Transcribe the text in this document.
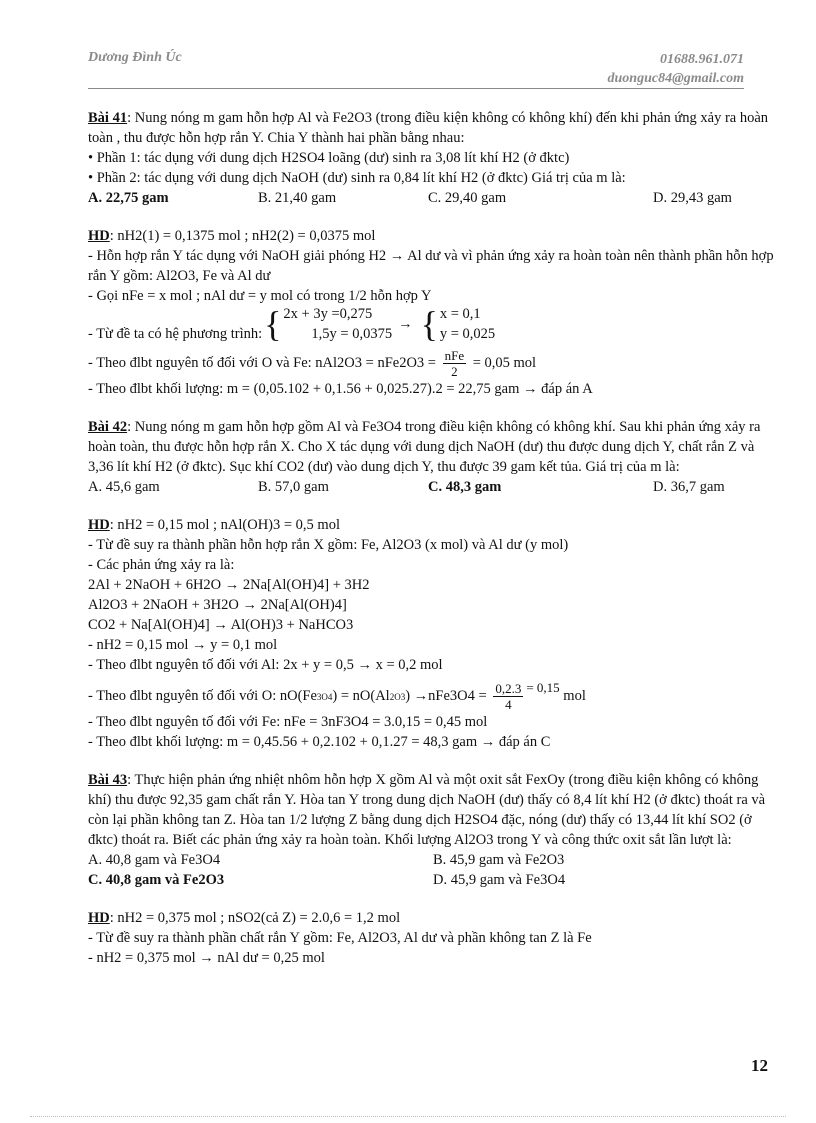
Dương Đình Úc	01688.961.071
duonguc84@gmail.com
Bài 41: Nung nóng m gam hỗn hợp Al và Fe2O3 (trong điều kiện không có không khí) đến khi phản ứng xảy ra hoàn toàn , thu được hỗn hợp rắn Y. Chia Y thành hai phần bằng nhau:
• Phần 1: tác dụng với dung dịch H2SO4 loãng (dư) sinh ra 3,08 lít khí H2 (ở đktc)
• Phần 2: tác dụng với dung dịch NaOH (dư) sinh ra 0,84 lít khí H2 (ở đktc) Giá trị của m là:
A. 22,75 gam	B. 21,40 gam	C. 29,40 gam	D. 29,43 gam
HD: nH2(1) = 0,1375 mol ; nH2(2) = 0,0375 mol
- Hỗn hợp rắn Y tác dụng với NaOH giải phóng H2 → Al dư và vì phản ứng xảy ra hoàn toàn nên thành phần hỗn hợp rắn Y gồm: Al2O3, Fe và Al dư
- Gọi nFe = x mol ; nAl dư = y mol có trong 1/2 hỗn hợp Y
- Từ đề ta có hệ phương trình: { 2x + 3y =0,275
1,5y = 0,0375
→ { x = 0,1
y = 0,025
- Theo đlbt nguyên tố đối với O và Fe: $nAl2O3 = nFe2O3 = \frac{\text{nFe}}{2} = 0,05$ mol
- Theo đlbt khối lượng: m = (0,05.102 + 0,1.56 + 0,025.27).2 = 22,75 gam → đáp án A
Bài 42: Nung nóng m gam hỗn hợp gồm Al và Fe3O4 trong điều kiện không có không khí. Sau khi phản ứng xảy ra hoàn toàn, thu được hỗn hợp rắn X. Cho X tác dụng với dung dịch NaOH (dư) thu được dung dịch Y, chất rắn Z và 3,36 lít khí H2 (ở đktc). Sục khí CO2 (dư) vào dung dịch Y, thu được 39 gam kết tủa. Giá trị của m là:
A. 45,6 gam	B. 57,0 gam	C. 48,3 gam	D. 36,7 gam
HD: nH2 = 0,15 mol ; nAl(OH)3 = 0,5 mol
- Từ đề suy ra thành phần hỗn hợp rắn X gồm: Fe, Al2O3 (x mol) và Al dư (y mol)
- Các phản ứng xảy ra là:
2Al + 2NaOH + 6H2O → 2Na[Al(OH)4] + 3H2
Al2O3 + 2NaOH + 3H2O → 2Na[Al(OH)4]
CO2 + Na[Al(OH)4] → Al(OH)3 + NaHCO3
- nH2 = 0,15 mol → y = 0,1 mol
- Theo đlbt nguyên tố đối với Al: 2x + y = 0,5 → x = 0,2 mol
- Theo đlbt nguyên tố đối với O: $nO(Fe3O4) = nO(Al2O3) \to nFe3O4 = \frac{0,2.3}{4} = 0,15$ mol
- Theo đlbt nguyên tố đối với Fe: nFe = 3nF3O4 = 3.0,15 = 0,45 mol
- Theo đlbt khối lượng: m = 0,45.56 + 0,2.102 + 0,1.27 = 48,3 gam → đáp án C
Bài 43: Thực hiện phản ứng nhiệt nhôm hỗn hợp X gồm Al và một oxit sắt FexOy (trong điều kiện không có không khí) thu được 92,35 gam chất rắn Y. Hòa tan Y trong dung dịch NaOH (dư) thấy có 8,4 lít khí H2 (ở đktc) thoát ra và còn lại phần không tan Z. Hòa tan 1/2 lượng Z bằng dung dịch H2SO4 đặc, nóng (dư) thấy có 13,44 lít khí SO2 (ở đktc) thoát ra. Biết các phản ứng xảy ra hoàn toàn. Khối lượng Al2O3 trong Y và công thức oxit sắt lần lượt là:
A. 40,8 gam và Fe3O4	B. 45,9 gam và Fe2O3
C. 40,8 gam và Fe2O3	D. 45,9 gam và Fe3O4
HD: nH2 = 0,375 mol ; nSO2(cả Z) = 2.0,6 = 1,2 mol
- Từ đề suy ra thành phần chất rắn Y gồm: Fe, Al2O3, Al dư và phần không tan Z là Fe
- nH2 = 0,375 mol → nAl dư = 0,25 mol
12
